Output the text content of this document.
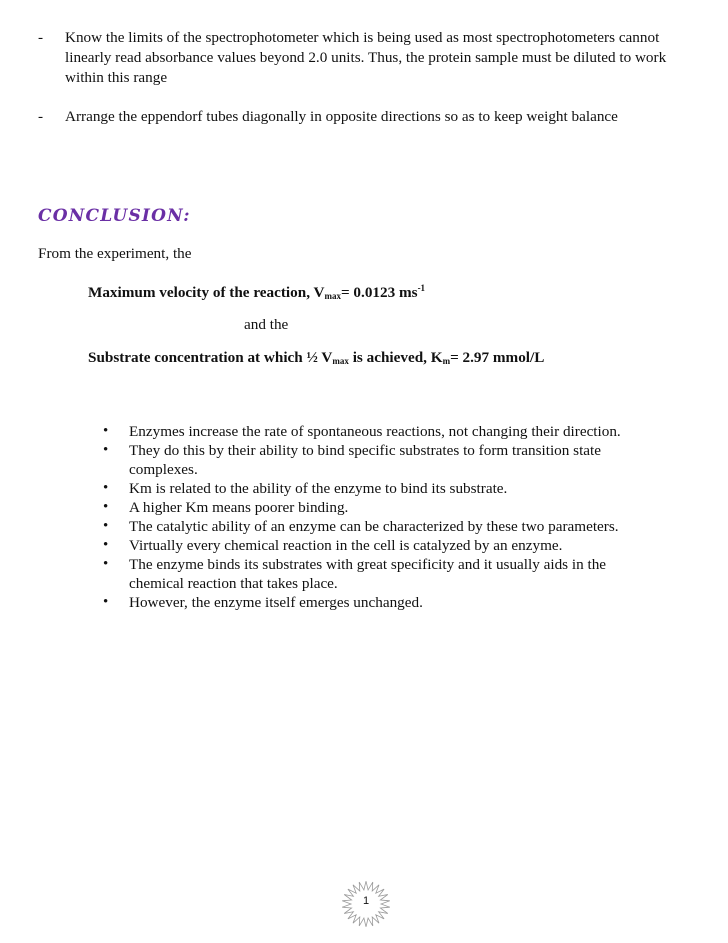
-	Know the limits of the spectrophotometer which is being used as most spectrophotometers cannot linearly read absorbance values beyond 2.0 units. Thus, the protein sample must be diluted to work within this range
-	Arrange the eppendorf tubes diagonally in opposite directions so as to keep weight balance
CONCLUSION:
From the experiment, the
Maximum velocity of the reaction, $V_{max}= 0.0123$ $ms^{-1}$
and the
Substrate concentration at which ½ $V_{max}$ is achieved, $K_m= 2.97$ mmol/L
• Enzymes increase the rate of spontaneous reactions, not changing their direction.
• They do this by their ability to bind specific substrates to form transition state complexes.
• Km is related to the ability of the enzyme to bind its substrate.
• A higher Km means poorer binding.
• The catalytic ability of an enzyme can be characterized by these two parameters.
• Virtually every chemical reaction in the cell is catalyzed by an enzyme.
• The enzyme binds its substrates with great specificity and it usually aids in the chemical reaction that takes place.
• However, the enzyme itself emerges unchanged.
1
